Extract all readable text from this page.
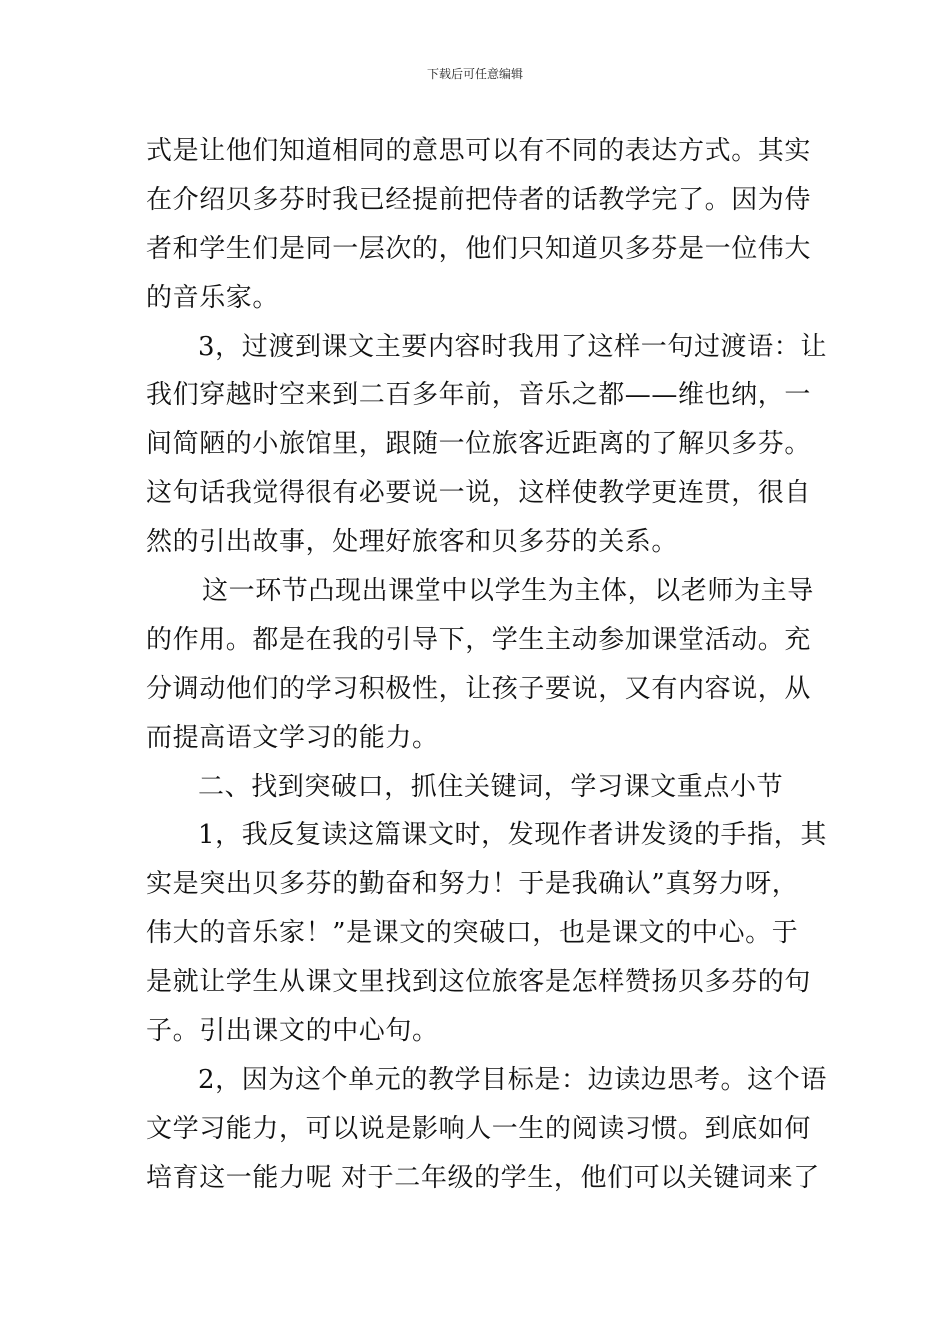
下载后可任意编辑
式是让他们知道相同的意思可以有不同的表达方式。其实
在介绍贝多芬时我已经提前把侍者的话教学完了。因为侍
者和学生们是同一层次的，他们只知道贝多芬是一位伟大
的音乐家。
3，过渡到课文主要内容时我用了这样一句过渡语：让
我们穿越时空来到二百多年前，音乐之都——维也纳，一
间简陋的小旅馆里，跟随一位旅客近距离的了解贝多芬。
这句话我觉得很有必要说一说，这样使教学更连贯，很自
然的引出故事，处理好旅客和贝多芬的关系。
这一环节凸现出课堂中以学生为主体，以老师为主导
的作用。都是在我的引导下，学生主动参加课堂活动。充
分调动他们的学习积极性，让孩子要说，又有内容说，从
而提高语文学习的能力。
二、找到突破口，抓住关键词，学习课文重点小节
1，我反复读这篇课文时，发现作者讲发烫的手指，其
实是突出贝多芬的勤奋和努力！于是我确认”真努力呀，
伟大的音乐家！”是课文的突破口，也是课文的中心。于
是就让学生从课文里找到这位旅客是怎样赞扬贝多芬的句
子。引出课文的中心句。
2，因为这个单元的教学目标是：边读边思考。这个语
文学习能力，可以说是影响人一生的阅读习惯。到底如何
培育这一能力呢 对于二年级的学生，他们可以关键词来了
